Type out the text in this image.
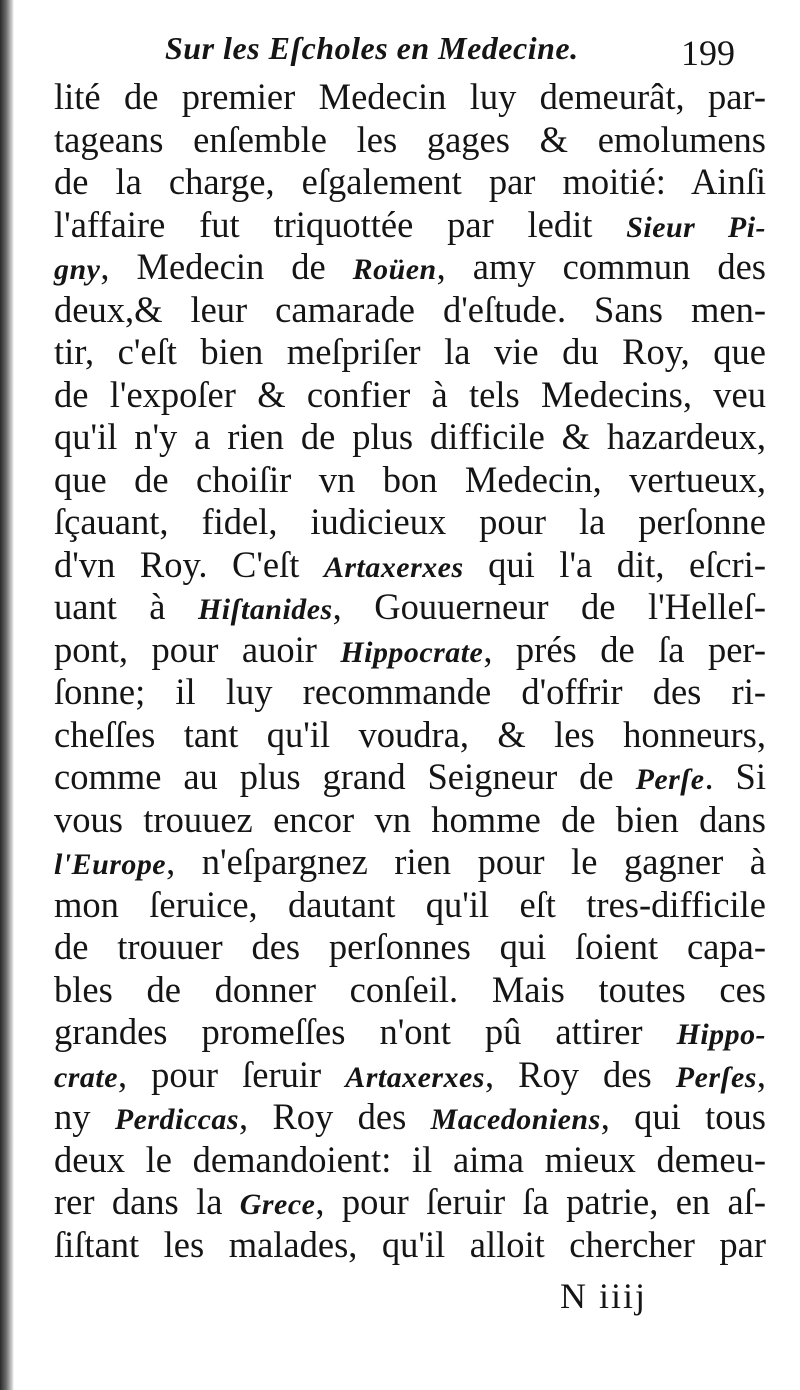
Sur les Eſcholes en Medecine.	199
lité de premier Medecin luy demeurât, par-
tageans enſemble les gages & emolumens
de la charge, eſgalement par moitié: Ainſi
l'affaire fut triquottée par ledit Sieur Pi-
gny, Medecin de Roüen, amy commun des
deux,& leur camarade d'eſtude. Sans men-
tir, c'eſt bien meſpriſer la vie du Roy, que
de l'expoſer & confier à tels Medecins, veu
qu'il n'y a rien de plus difficile & hazardeux,
que de choiſir vn bon Medecin, vertueux,
ſçauant, fidel, iudicieux pour la perſonne
d'vn Roy. C'eſt Artaxerxes qui l'a dit, eſcri-
uant à Hiſtanides, Gouuerneur de l'Helleſ-
pont, pour auoir Hippocrate, prés de ſa per-
ſonne; il luy recommande d'offrir des ri-
cheſſes tant qu'il voudra, & les honneurs,
comme au plus grand Seigneur de Perſe. Si
vous trouuez encor vn homme de bien dans
l'Europe, n'eſpargnez rien pour le gagner à
mon ſeruice, dautant qu'il eſt tres-difficile
de trouuer des perſonnes qui ſoient capa-
bles de donner conſeil. Mais toutes ces
grandes promeſſes n'ont pû attirer Hippo-
crate, pour ſeruir Artaxerxes, Roy des Perſes,
ny Perdiccas, Roy des Macedoniens, qui tous
deux le demandoient: il aima mieux demeu-
rer dans la Grece, pour ſeruir ſa patrie, en aſ-
ſiſtant les malades, qu'il alloit chercher par
N iiij
